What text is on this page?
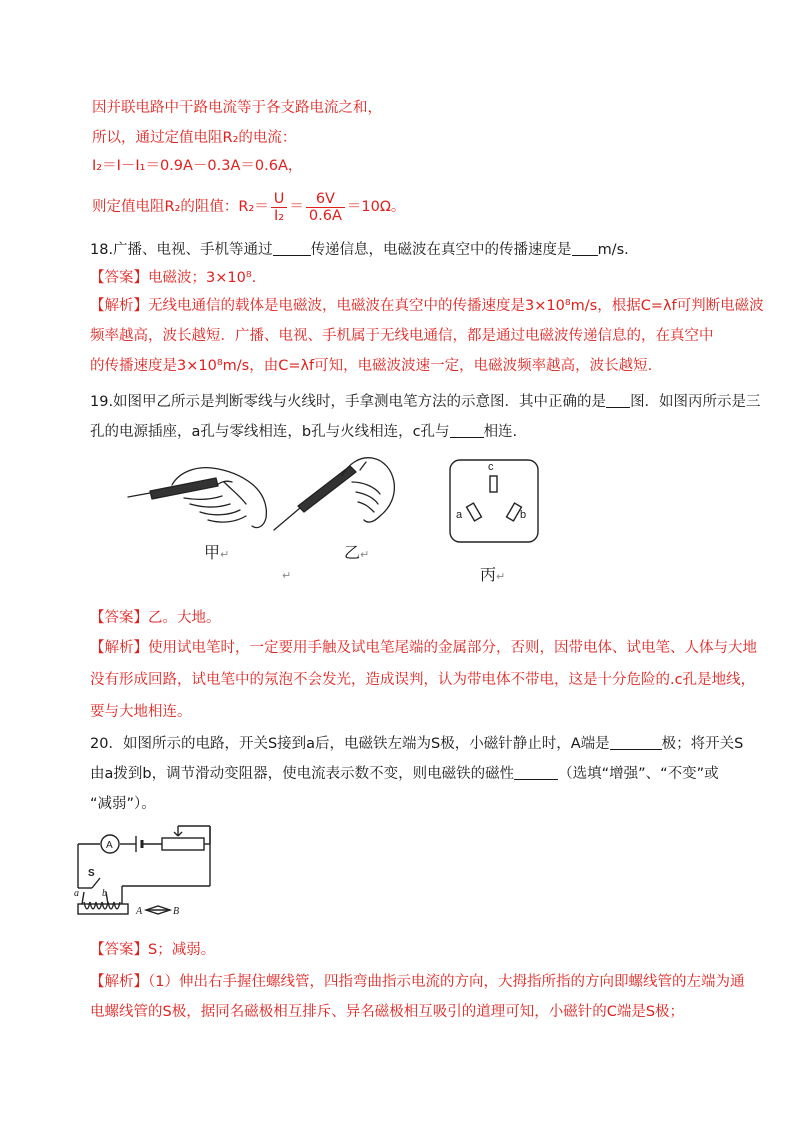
因并联电路中干路电流等于各支路电流之和，
所以，通过定值电阻R₂的电流：
I₂＝I－I₁＝0.9A－0.3A＝0.6A，
则定值电阻R₂的阻值：$R_2= \frac{U}{\text{I₂}} = \frac{6V}{0.6A} =10\Omega$。
18.广播、电视、手机等通过	传递信息，电磁波在真空中的传播速度是 m/s.
【答案】电磁波；3×10⁸.
【解析】无线电通信的载体是电磁波，电磁波在真空中的传播速度是3×10⁸m/s，根据C=λf可判断电磁波
频率越高，波长越短．广播、电视、手机属于无线电通信，都是通过电磁波传递信息的，在真空中
的传播速度是3×10⁸m/s，由C=λf可知，电磁波波速一定，电磁波频率越高，波长越短.
19.如图甲乙所示是判断零线与火线时，手拿测电笔方法的示意图．其中正确的是 图．如图丙所示是三
孔的电源插座，a孔与零线相连，b孔与火线相连，c孔与 相连.
甲↵
↵
乙↵
c
a	b
丙↵
【答案】乙。大地。
【解析】使用试电笔时，一定要用手触及试电笔尾端的金属部分，否则，因带电体、试电笔、人体与大地
没有形成回路，试电笔中的氖泡不会发光，造成误判，认为带电体不带电，这是十分危险的.c孔是地线，
要与大地相连。
20．如图所示的电路，开关S接到a后，电磁铁左端为S极，小磁针静止时，A端是	极；将开关S
由a拨到b，调节滑动变阻器，使电流表示数不变，则电磁铁的磁性	（选填“增强”、“不变”或
“减弱”）。
A
S
a b
A	B
【答案】S；减弱。
【解析】（1）伸出右手握住螺线管，四指弯曲指示电流的方向，大拇指所指的方向即螺线管的左端为通
电螺线管的S极，据同名磁极相互排斥、异名磁极相互吸引的道理可知，小磁针的C端是S极；
